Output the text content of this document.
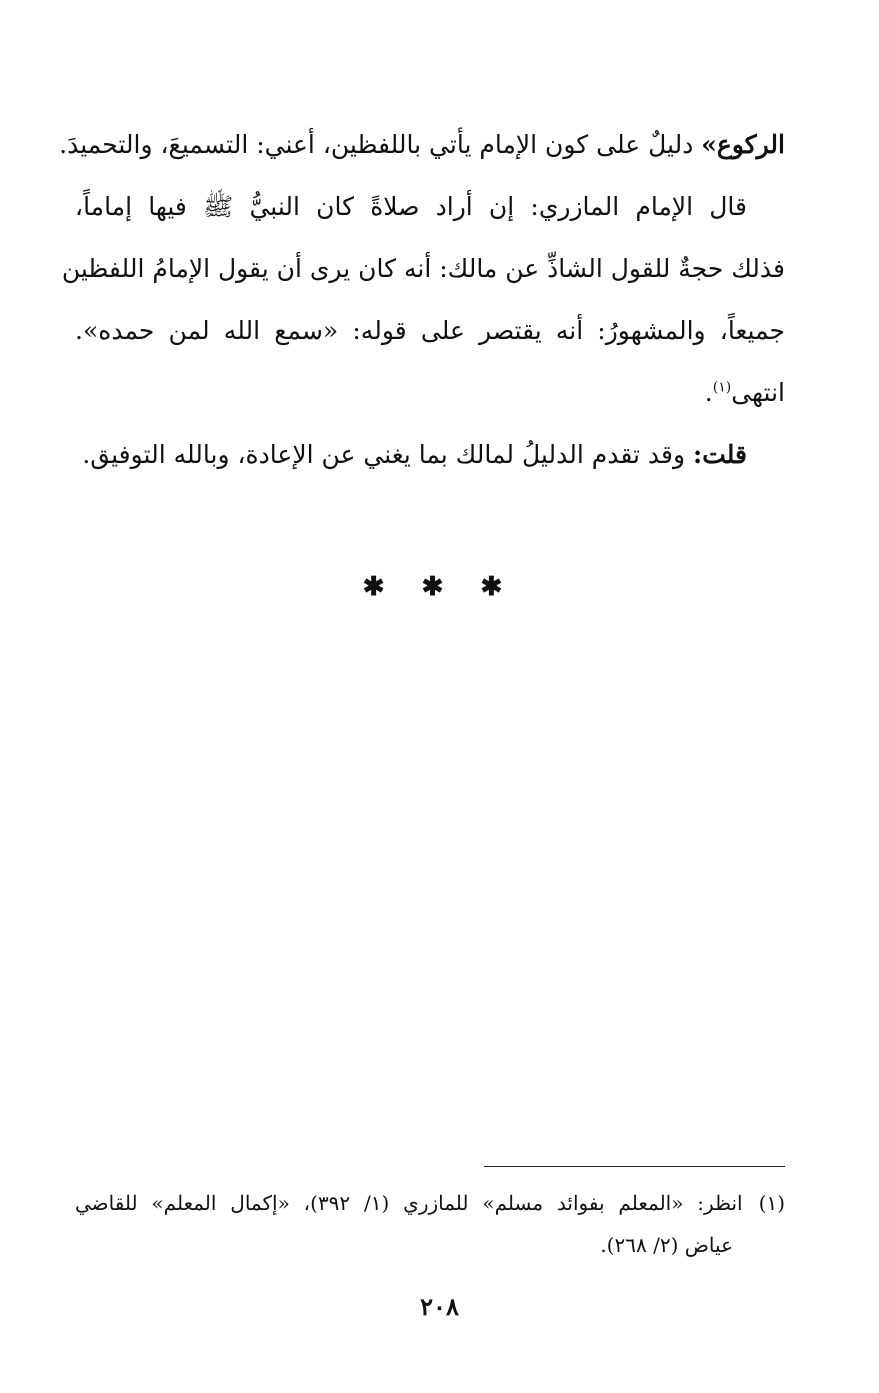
الركوع» دليلٌ على كون الإمام يأتي باللفظين، أعني: التسميعَ، والتحميدَ.
قال الإمام المازري: إن أراد صلاةً كان النبيُّ ﷺ فيها إماماً،
فذلك حجةٌ للقول الشاذِّ عن مالك: أنه كان يرى أن يقول الإمامُ اللفظين
جميعاً، والمشهورُ: أنه يقتصر على قوله: «سمع الله لمن حمده».
انتهى$^{(١)}$.
قلت: وقد تقدم الدليلُ لمالك بما يغني عن الإعادة، وبالله التوفيق.
✱ ✱ ✱
(١)انظر: «المعلم بفوائد مسلم» للمازري (١/ ٣٩٢)، «إكمال المعلم» للقاضي
عياض (٢/ ٢٦٨).
٢٠٨
